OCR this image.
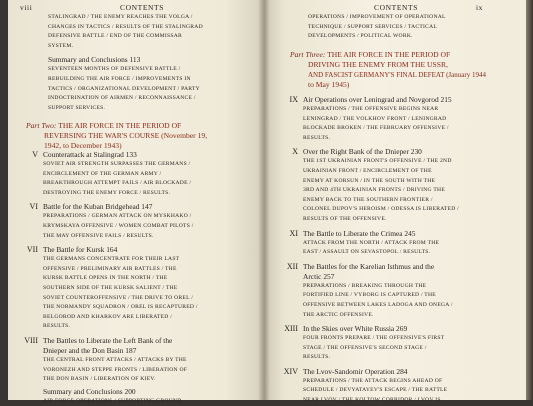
viii	CONTENTS
STALINGRAD / THE ENEMY REACHES THE VOLGA /
CHANGES IN TACTICS / RESULTS OF THE STALINGRAD
DEFENSIVE BATTLE / END OF THE COMMISSAR
SYSTEM.
Summary and Conclusions 113
SEVENTEEN MONTHS OF DEFENSIVE BATTLE /
REBUILDING THE AIR FORCE / IMPROVEMENTS IN
TACTICS / ORGANIZATIONAL DEVELOPMENT / PARTY
INDOCTRINATION OF AIRMEN / RECONNAISSANCE /
SUPPORT SERVICES.
Part Two: THE AIR FORCE IN THE PERIOD OF
REVERSING THE WAR'S COURSE (November 19,
1942, to December 1943)
V Counterattack at Stalingrad 133
SOVIET AIR STRENGTH SURPASSES THE GERMANS /
ENCIRCLEMENT OF THE GERMAN ARMY /
BREAKTHROUGH ATTEMPT FAILS / AIR BLOCKADE /
DESTROYING THE ENEMY FORCE / RESULTS.
VI Battle for the Kuban Bridgehead 147
PREPARATIONS / GERMAN ATTACK ON MYSKHAKO /
KRYMSKAYA OFFENSIVE / WOMEN COMBAT PILOTS /
THE MAY OFFENSIVE FAILS / RESULTS.
VII The Battle for Kursk 164
THE GERMANS CONCENTRATE FOR THEIR LAST
OFFENSIVE / PRELIMINARY AIR BATTLES / THE
KURSK BATTLE OPENS IN THE NORTH / THE
SOUTHERN SIDE OF THE KURSK SALIENT / THE
SOVIET COUNTEROFFENSIVE / THE DRIVE TO OREL /
THE NORMANDY SQUADRON / OREL IS RECAPTURED /
BELGOROD AND KHARKOV ARE LIBERATED /
RESULTS.
VIII The Battles to Liberate the Left Bank of the
Dnieper and the Don Basin 187
THE CENTRAL FRONT ATTACKS / ATTACKS BY THE
VORONEZH AND STEPPE FRONTS / LIBERATION OF
THE DON BASIN / LIBERATION OF KIEV.
Summary and Conclusions 200
AIR FORCE OPERATIONS / SUPPORTING GROUND
CONTENTS	ix
OPERATIONS / IMPROVEMENT OF OPERATIONAL
TECHNIQUE / SUPPORT SERVICES / TACTICAL
DEVELOPMENTS / POLITICAL WORK.
Part Three: THE AIR FORCE IN THE PERIOD OF
DRIVING THE ENEMY FROM THE USSR,
AND FASCIST GERMANY'S FINAL DEFEAT (January 1944
to May 1945)
IX Air Operations over Leningrad and Novgorod 215
PREPARATIONS / THE OFFENSIVE BEGINS NEAR
LENINGRAD / THE VOLKHOV FRONT / LENINGRAD
BLOCKADE BROKEN / THE FEBRUARY OFFENSIVE /
RESULTS.
X Over the Right Bank of the Dnieper 230
THE 1ST UKRAINIAN FRONT'S OFFENSIVE / THE 2ND
UKRAINIAN FRONT / ENCIRCLEMENT OF THE
ENEMY AT KORSUN / IN THE SOUTH WITH THE
3RD AND 4TH UKRAINIAN FRONTS / DRIVING THE
ENEMY BACK TO THE SOUTHERN FRONTIER /
COLONEL DUPOV'S HEROISM / ODESSA IS LIBERATED /
RESULTS OF THE OFFENSIVE.
XI The Battle to Liberate the Crimea 245
ATTACK FROM THE NORTH / ATTACK FROM THE
EAST / ASSAULT ON SEVASTOPOL / RESULTS.
XII The Battles for the Karelian Isthmus and the
Arctic 257
PREPARATIONS / BREAKING THROUGH THE
FORTIFIED LINE / VYBORG IS CAPTURED / THE
OFFENSIVE BETWEEN LAKES LADOGA AND ONEGA /
THE ARCTIC OFFENSIVE.
XIII In the Skies over White Russia 269
FOUR FRONTS PREPARE / THE OFFENSIVE'S FIRST
STAGE / THE OFFENSIVE'S SECOND STAGE /
RESULTS.
XIV The Lvov-Sandomir Operation 284
PREPARATIONS / THE ATTACK BEGINS AHEAD OF
SCHEDULE / DEVYATAYEV'S ESCAPE / THE BATTLE
NEAR LVOV / THE KOLTOW CORRIDOR / LVOV IS
